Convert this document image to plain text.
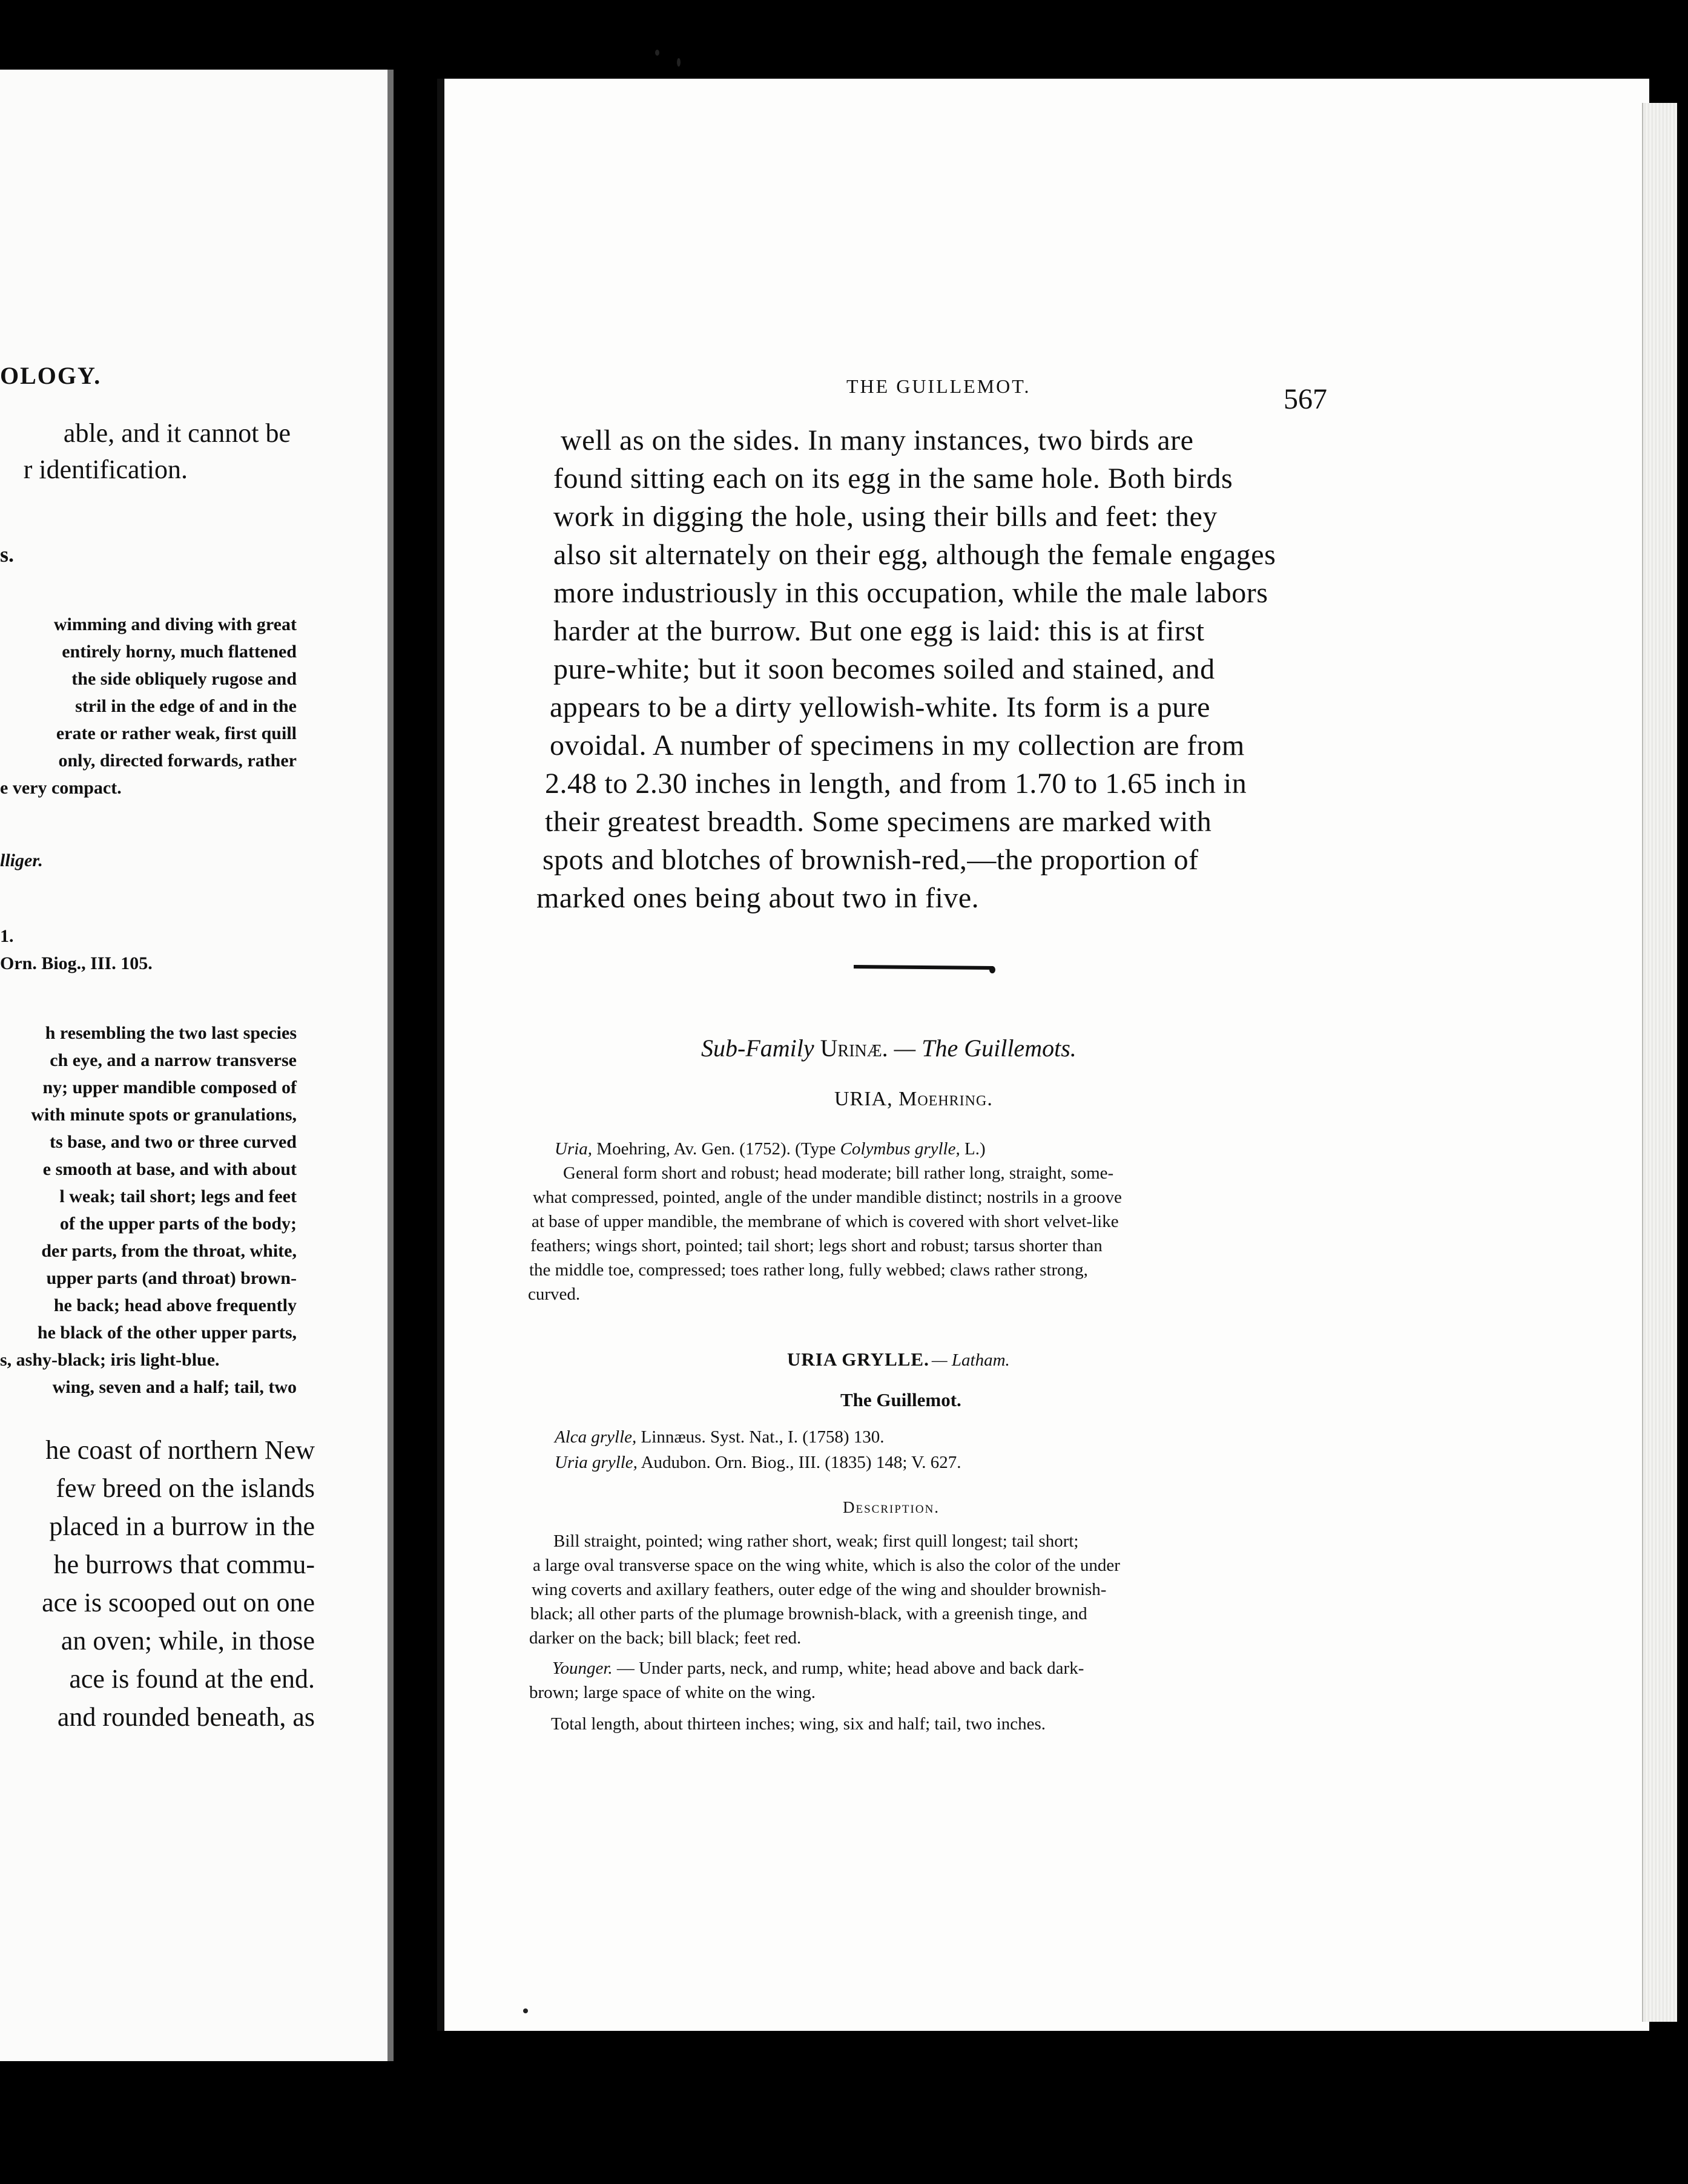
OLOGY.
able, and it cannot be
r identification.
s.
wimming and diving with great
entirely horny, much flattened
the side obliquely rugose and
stril in the edge of and in the
erate or rather weak, first quill
only, directed forwards, rather
e very compact.
lliger.
1.
Orn. Biog., III. 105.
h resembling the two last species
ch eye, and a narrow transverse
ny; upper mandible composed of
with minute spots or granulations,
ts base, and two or three curved
e smooth at base, and with about
l weak; tail short; legs and feet
of the upper parts of the body;
der parts, from the throat, white,
upper parts (and throat) brown-
he back; head above frequently
he black of the other upper parts,
s, ashy-black; iris light-blue.
wing, seven and a half; tail, two
he coast of northern New
few breed on the islands
placed in a burrow in the
he burrows that commu-
ace is scooped out on one
an oven; while, in those
ace is found at the end.
and rounded beneath, as
THE GUILLEMOT.	567
well as on the sides. In many instances, two birds are
found sitting each on its egg in the same hole. Both birds
work in digging the hole, using their bills and feet: they
also sit alternately on their egg, although the female engages
more industriously in this occupation, while the male labors
harder at the burrow. But one egg is laid: this is at first
pure-white; but it soon becomes soiled and stained, and
appears to be a dirty yellowish-white. Its form is a pure
ovoidal. A number of specimens in my collection are from
2.48 to 2.30 inches in length, and from 1.70 to 1.65 inch in
their greatest breadth. Some specimens are marked with
spots and blotches of brownish-red,—the proportion of
marked ones being about two in five.
Sub-Family Urinæ. — The Guillemots.
URIA, Moehring.
Uria, Moehring, Av. Gen. (1752). (Type Colymbus grylle, L.)
General form short and robust; head moderate; bill rather long, straight, some-
what compressed, pointed, angle of the under mandible distinct; nostrils in a groove
at base of upper mandible, the membrane of which is covered with short velvet-like
feathers; wings short, pointed; tail short; legs short and robust; tarsus shorter than
the middle toe, compressed; toes rather long, fully webbed; claws rather strong,
curved.
URIA GRYLLE. — Latham.
The Guillemot.
Alca grylle, Linnæus. Syst. Nat., I. (1758) 130.
Uria grylle, Audubon. Orn. Biog., III. (1835) 148; V. 627.
Description.
Bill straight, pointed; wing rather short, weak; first quill longest; tail short;
a large oval transverse space on the wing white, which is also the color of the under
wing coverts and axillary feathers, outer edge of the wing and shoulder brownish-
black; all other parts of the plumage brownish-black, with a greenish tinge, and
darker on the back; bill black; feet red.
Younger. — Under parts, neck, and rump, white; head above and back dark-
brown; large space of white on the wing.
Total length, about thirteen inches; wing, six and half; tail, two inches.
